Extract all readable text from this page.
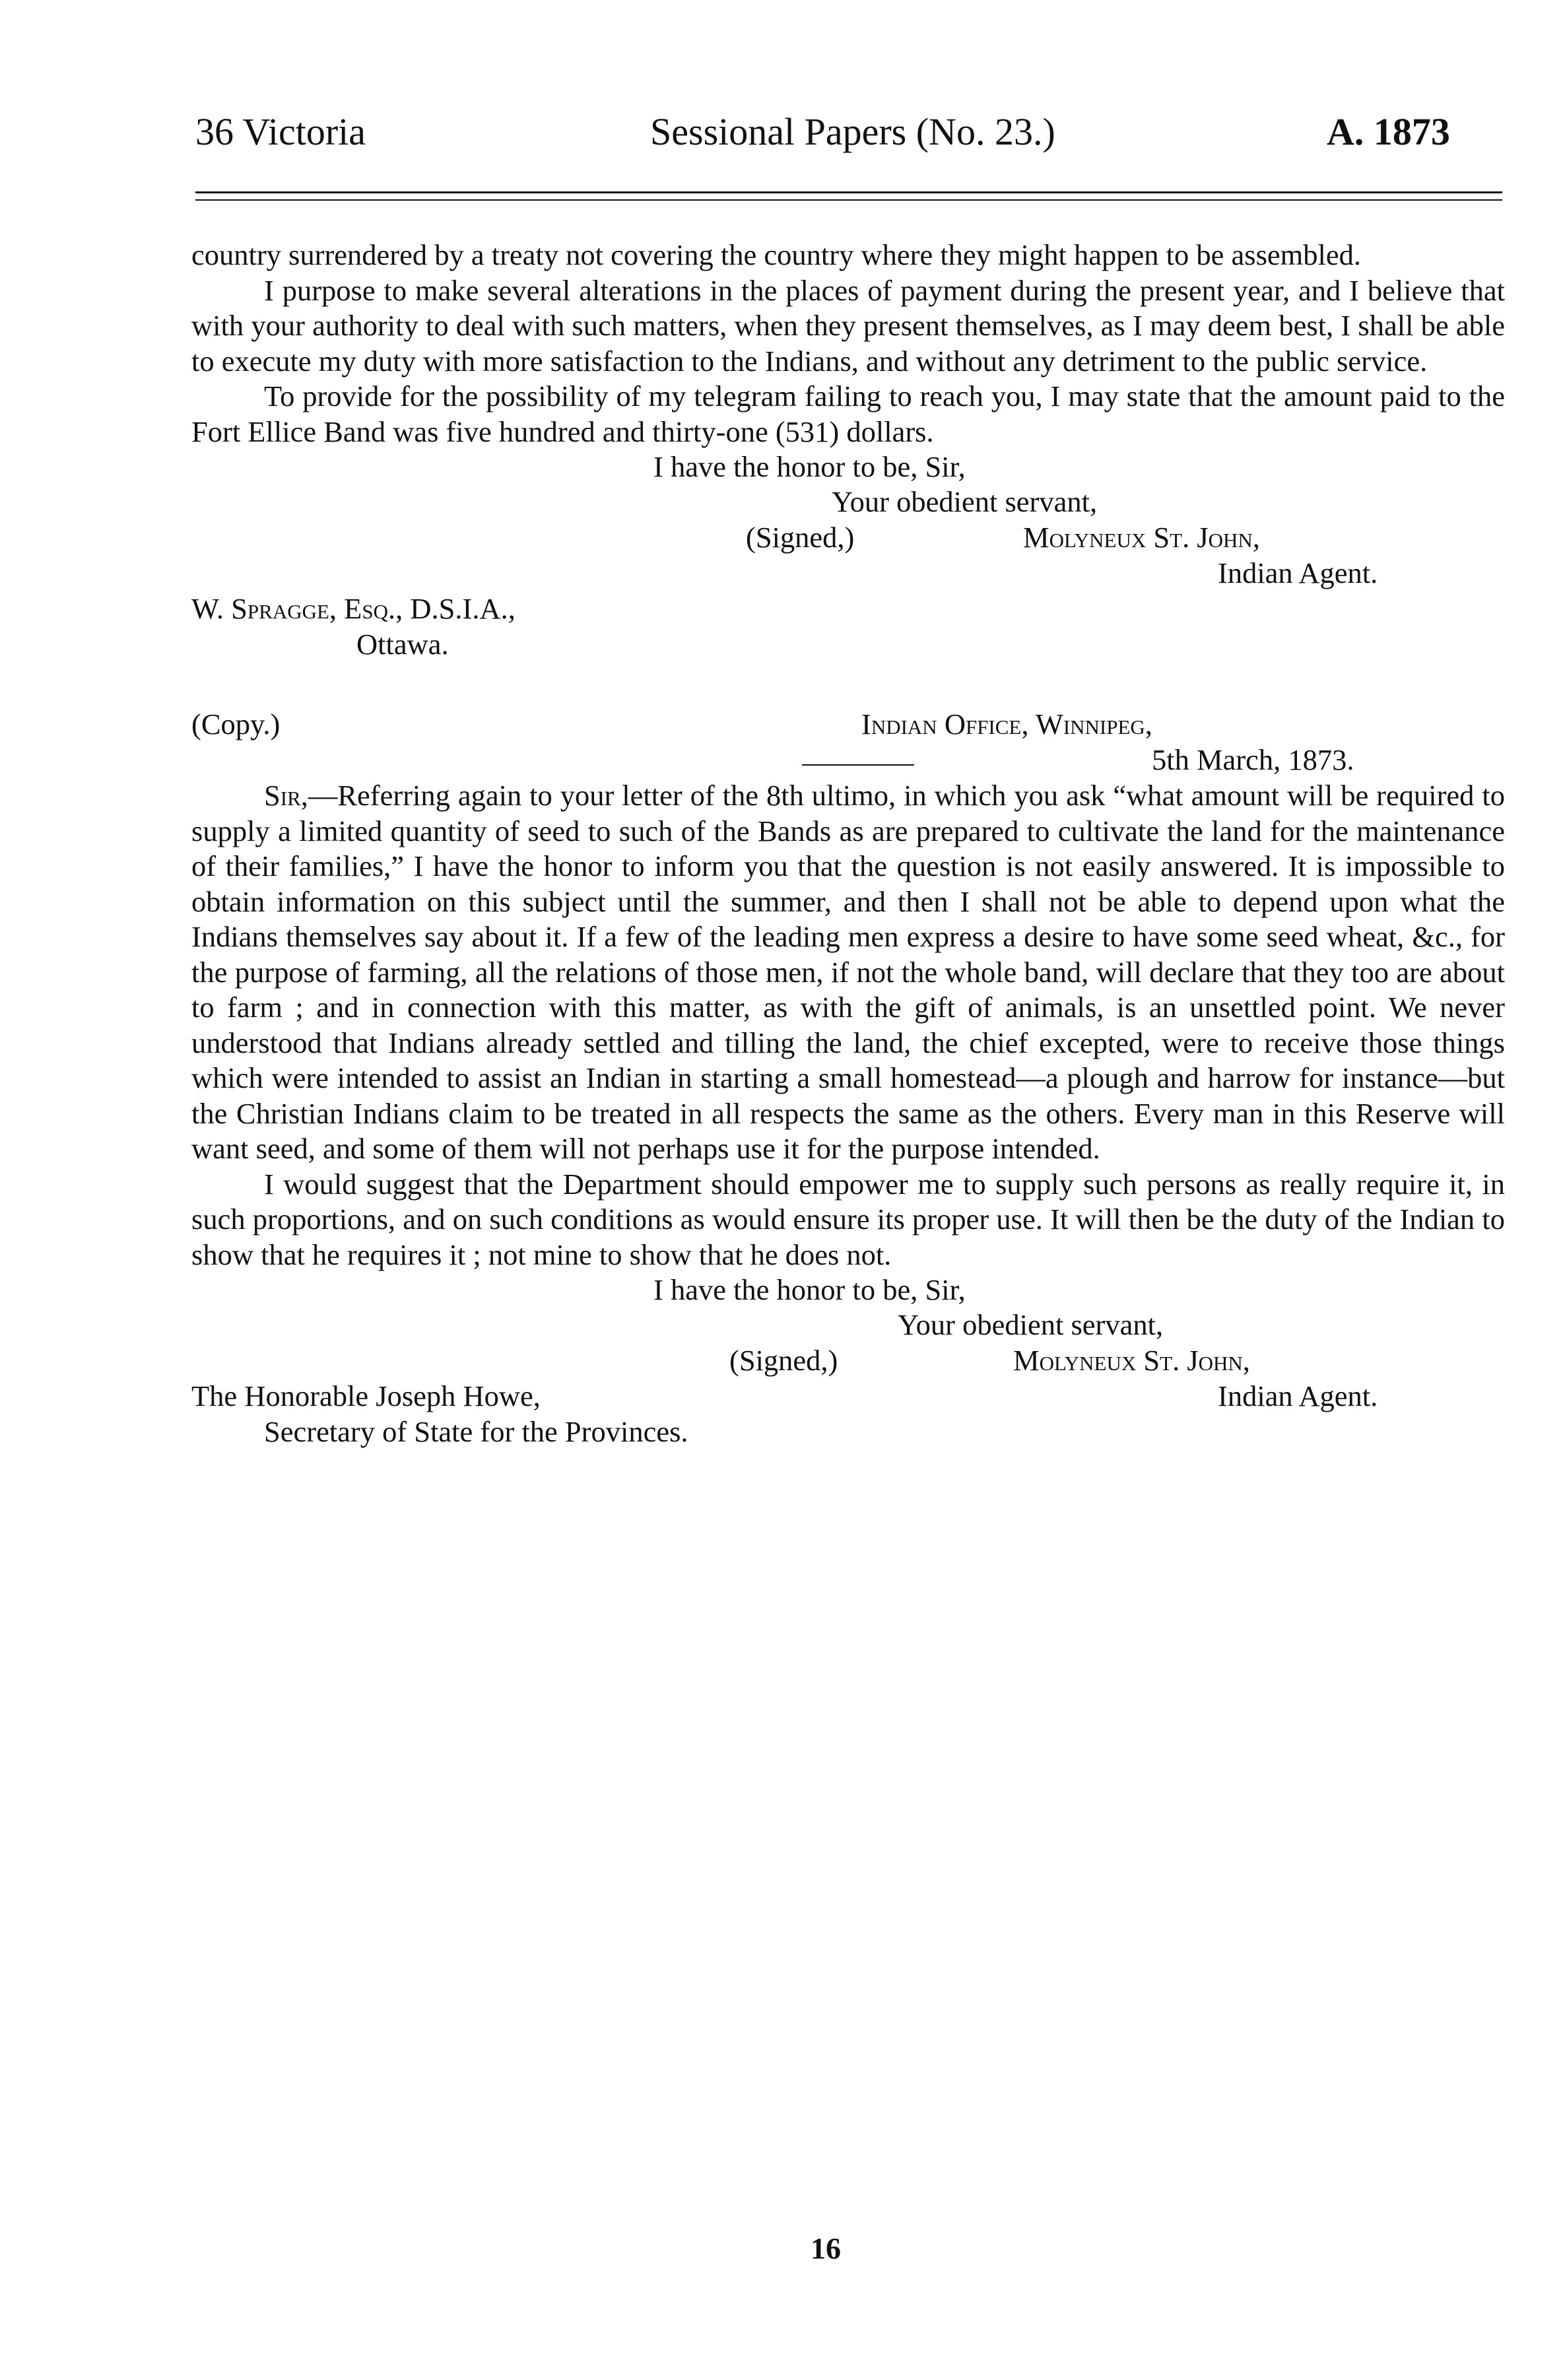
36 Victoria	Sessional Papers (No. 23.)	A. 1873

country surrendered by a treaty not covering the country where they might happen to be assembled.

I purpose to make several alterations in the places of payment during the present year, and I believe that with your authority to deal with such matters, when they present themselves, as I may deem best, I shall be able to execute my duty with more satisfaction to the Indians, and without any detriment to the public service.

To provide for the possibility of my telegram failing to reach you, I may state that the amount paid to the Fort Ellice Band was five hundred and thirty-one (531) dollars.

I have the honor to be, Sir,
Your obedient servant,
(Signed,)	Molyneux St. John,
Indian Agent.
W. Spragge, Esq., D.S.I.A.,
Ottawa.
(Copy.)	Indian Office, Winnipeg,
5th March, 1873.

Sir,—Referring again to your letter of the 8th ultimo, in which you ask “what amount will be required to supply a limited quantity of seed to such of the Bands as are prepared to cultivate the land for the maintenance of their families,” I have the honor to inform you that the question is not easily answered. It is impossible to obtain information on this subject until the summer, and then I shall not be able to depend upon what the Indians themselves say about it. If a few of the leading men express a desire to have some seed wheat, &c., for the purpose of farming, all the relations of those men, if not the whole band, will declare that they too are about to farm ; and in connection with this matter, as with the gift of animals, is an unsettled point. We never understood that Indians already settled and tilling the land, the chief excepted, were to receive those things which were intended to assist an Indian in starting a small homestead—a plough and harrow for instance—but the Christian Indians claim to be treated in all respects the same as the others. Every man in this Reserve will want seed, and some of them will not perhaps use it for the purpose intended.

I would suggest that the Department should empower me to supply such persons as really require it, in such proportions, and on such conditions as would ensure its proper use. It will then be the duty of the Indian to show that he requires it ; not mine to show that he does not.

I have the honor to be, Sir,
Your obedient servant,
(Signed,)	Molyneux St. John,
The Honorable Joseph Howe,	Indian Agent.
Secretary of State for the Provinces.
16
